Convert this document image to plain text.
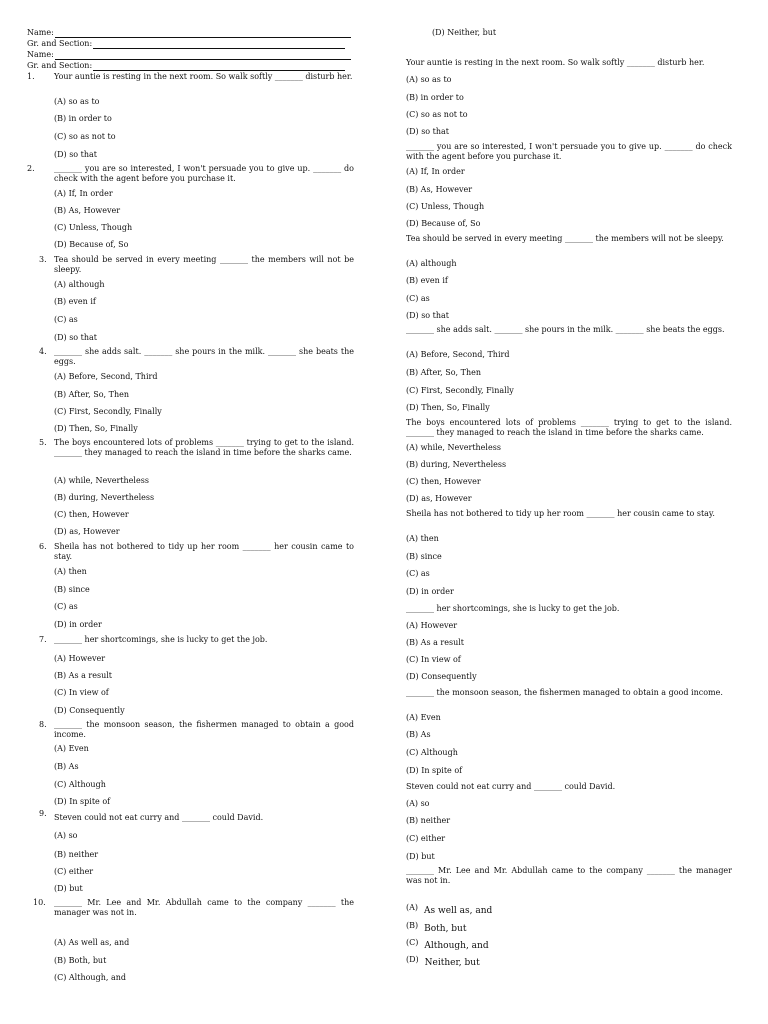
Name:
Gr. and Section:
Name:
Gr. and Section:
1. Your auntie is resting in the next room. So walk softly _______ disturb her.
(A) so as to
(B) in order to
(C) so as not to
(D) so that
2. _______ you are so interested, I won't persuade you to give up. _______ do check with the agent before you purchase it.
(A) If, In order
(B) As, However
(C) Unless, Though
(D) Because of, So
3. Tea should be served in every meeting _______ the members will not be sleepy.
(A) although
(B) even if
(C) as
(D) so that
4. _______ she adds salt. _______ she pours in the milk. _______ she beats the eggs.
(A) Before, Second, Third
(B) After, So, Then
(C) First, Secondly, Finally
(D) Then, So, Finally
5. The boys encountered lots of problems _______ trying to get to the island. _______ they managed to reach the island in time before the sharks came.
(A) while, Nevertheless
(B) during, Nevertheless
(C) then, However
(D) as, However
6. Sheila has not bothered to tidy up her room _______ her cousin came to stay.
(A) then
(B) since
(C) as
(D) in order
7. _______ her shortcomings, she is lucky to get the job.
(A) However
(B) As a result
(C) In view of
(D) Consequently
8. _______ the monsoon season, the fishermen managed to obtain a good income.
(A) Even
(B) As
(C) Although
(D) In spite of
9. Steven could not eat curry and _______ could David.
(A) so
(B) neither
(C) either
(D) but
10. _______ Mr. Lee and Mr. Abdullah came to the company _______ the manager was not in.
(A) As well as, and
(B) Both, but
(C) Although, and
(D) Neither, but
Your auntie is resting in the next room. So walk softly _______ disturb her.
(A) so as to
(B) in order to
(C) so as not to
(D) so that
_______ you are so interested, I won't persuade you to give up. _______ do check with the agent before you purchase it.
(A) If, In order
(B) As, However
(C) Unless, Though
(D) Because of, So
Tea should be served in every meeting _______ the members will not be sleepy.
(A) although
(B) even if
(C) as
(D) so that
_______ she adds salt. _______ she pours in the milk. _______ she beats the eggs.
(A) Before, Second, Third
(B) After, So, Then
(C) First, Secondly, Finally
(D) Then, So, Finally
The boys encountered lots of problems _______ trying to get to the island. _______ they managed to reach the island in time before the sharks came.
(A) while, Nevertheless
(B) during, Nevertheless
(C) then, However
(D) as, However
Sheila has not bothered to tidy up her room _______ her cousin came to stay.
(A) then
(B) since
(C) as
(D) in order
_______ her shortcomings, she is lucky to get the job.
(A) However
(B) As a result
(C) In view of
(D) Consequently
_______ the monsoon season, the fishermen managed to obtain a good income.
(A) Even
(B) As
(C) Although
(D) In spite of
Steven could not eat curry and _______ could David.
(A) so
(B) neither
(C) either
(D) but
_______ Mr. Lee and Mr. Abdullah came to the company _______ the manager was not in.
(A) As well as, and
(B) Both, but
(C) Although, and
(D) Neither, but
